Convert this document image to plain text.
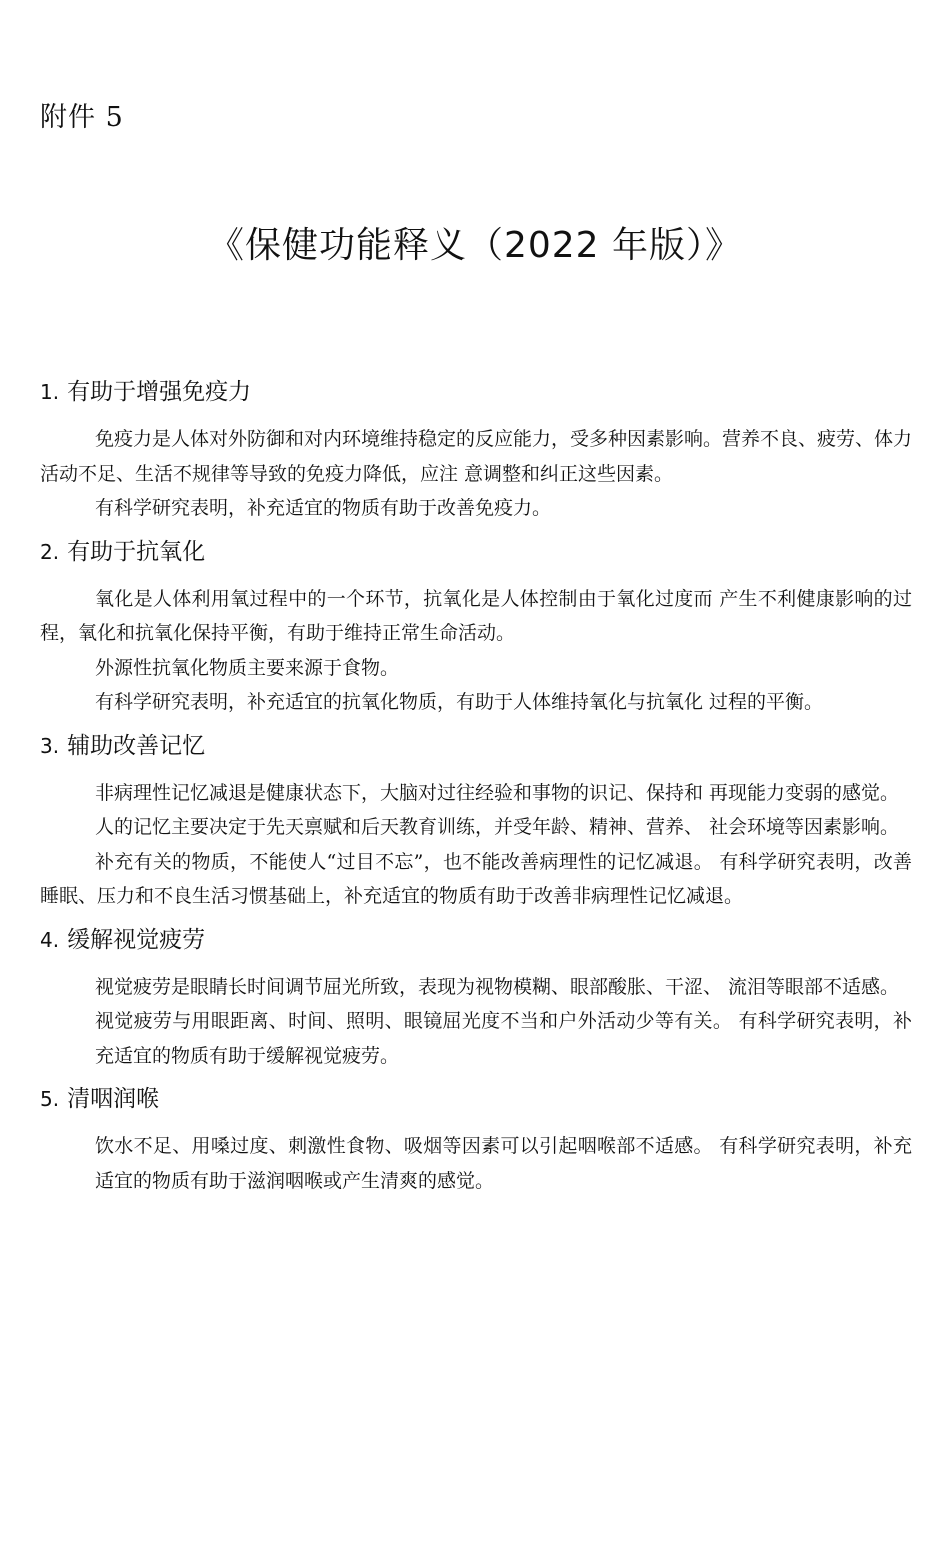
附件 5
《保健功能释义（2022 年版）》
1. 有助于增强免疫力

免疫力是人体对外防御和对内环境维持稳定的反应能力，受多种因素影响。营养不良、疲劳、体力活动不足、生活不规律等导致的免疫力降低，应注 意调整和纠正这些因素。

有科学研究表明，补充适宜的物质有助于改善免疫力。

2. 有助于抗氧化

氧化是人体利用氧过程中的一个环节，抗氧化是人体控制由于氧化过度而 产生不利健康影响的过程，氧化和抗氧化保持平衡，有助于维持正常生命活动。

外源性抗氧化物质主要来源于食物。

有科学研究表明，补充适宜的抗氧化物质，有助于人体维持氧化与抗氧化 过程的平衡。

3. 辅助改善记忆

非病理性记忆减退是健康状态下，大脑对过往经验和事物的识记、保持和 再现能力变弱的感觉。

人的记忆主要决定于先天禀赋和后天教育训练，并受年龄、精神、营养、 社会环境等因素影响。

补充有关的物质，不能使人“过目不忘”，也不能改善病理性的记忆减退。 有科学研究表明，改善睡眠、压力和不良生活习惯基础上，补充适宜的物质有助于改善非病理性记忆减退。

4. 缓解视觉疲劳

视觉疲劳是眼睛长时间调节屈光所致，表现为视物模糊、眼部酸胀、干涩、 流泪等眼部不适感。

视觉疲劳与用眼距离、时间、照明、眼镜屈光度不当和户外活动少等有关。 有科学研究表明，补充适宜的物质有助于缓解视觉疲劳。

5. 清咽润喉

饮水不足、用嗓过度、刺激性食物、吸烟等因素可以引起咽喉部不适感。 有科学研究表明，补充适宜的物质有助于滋润咽喉或产生清爽的感觉。
